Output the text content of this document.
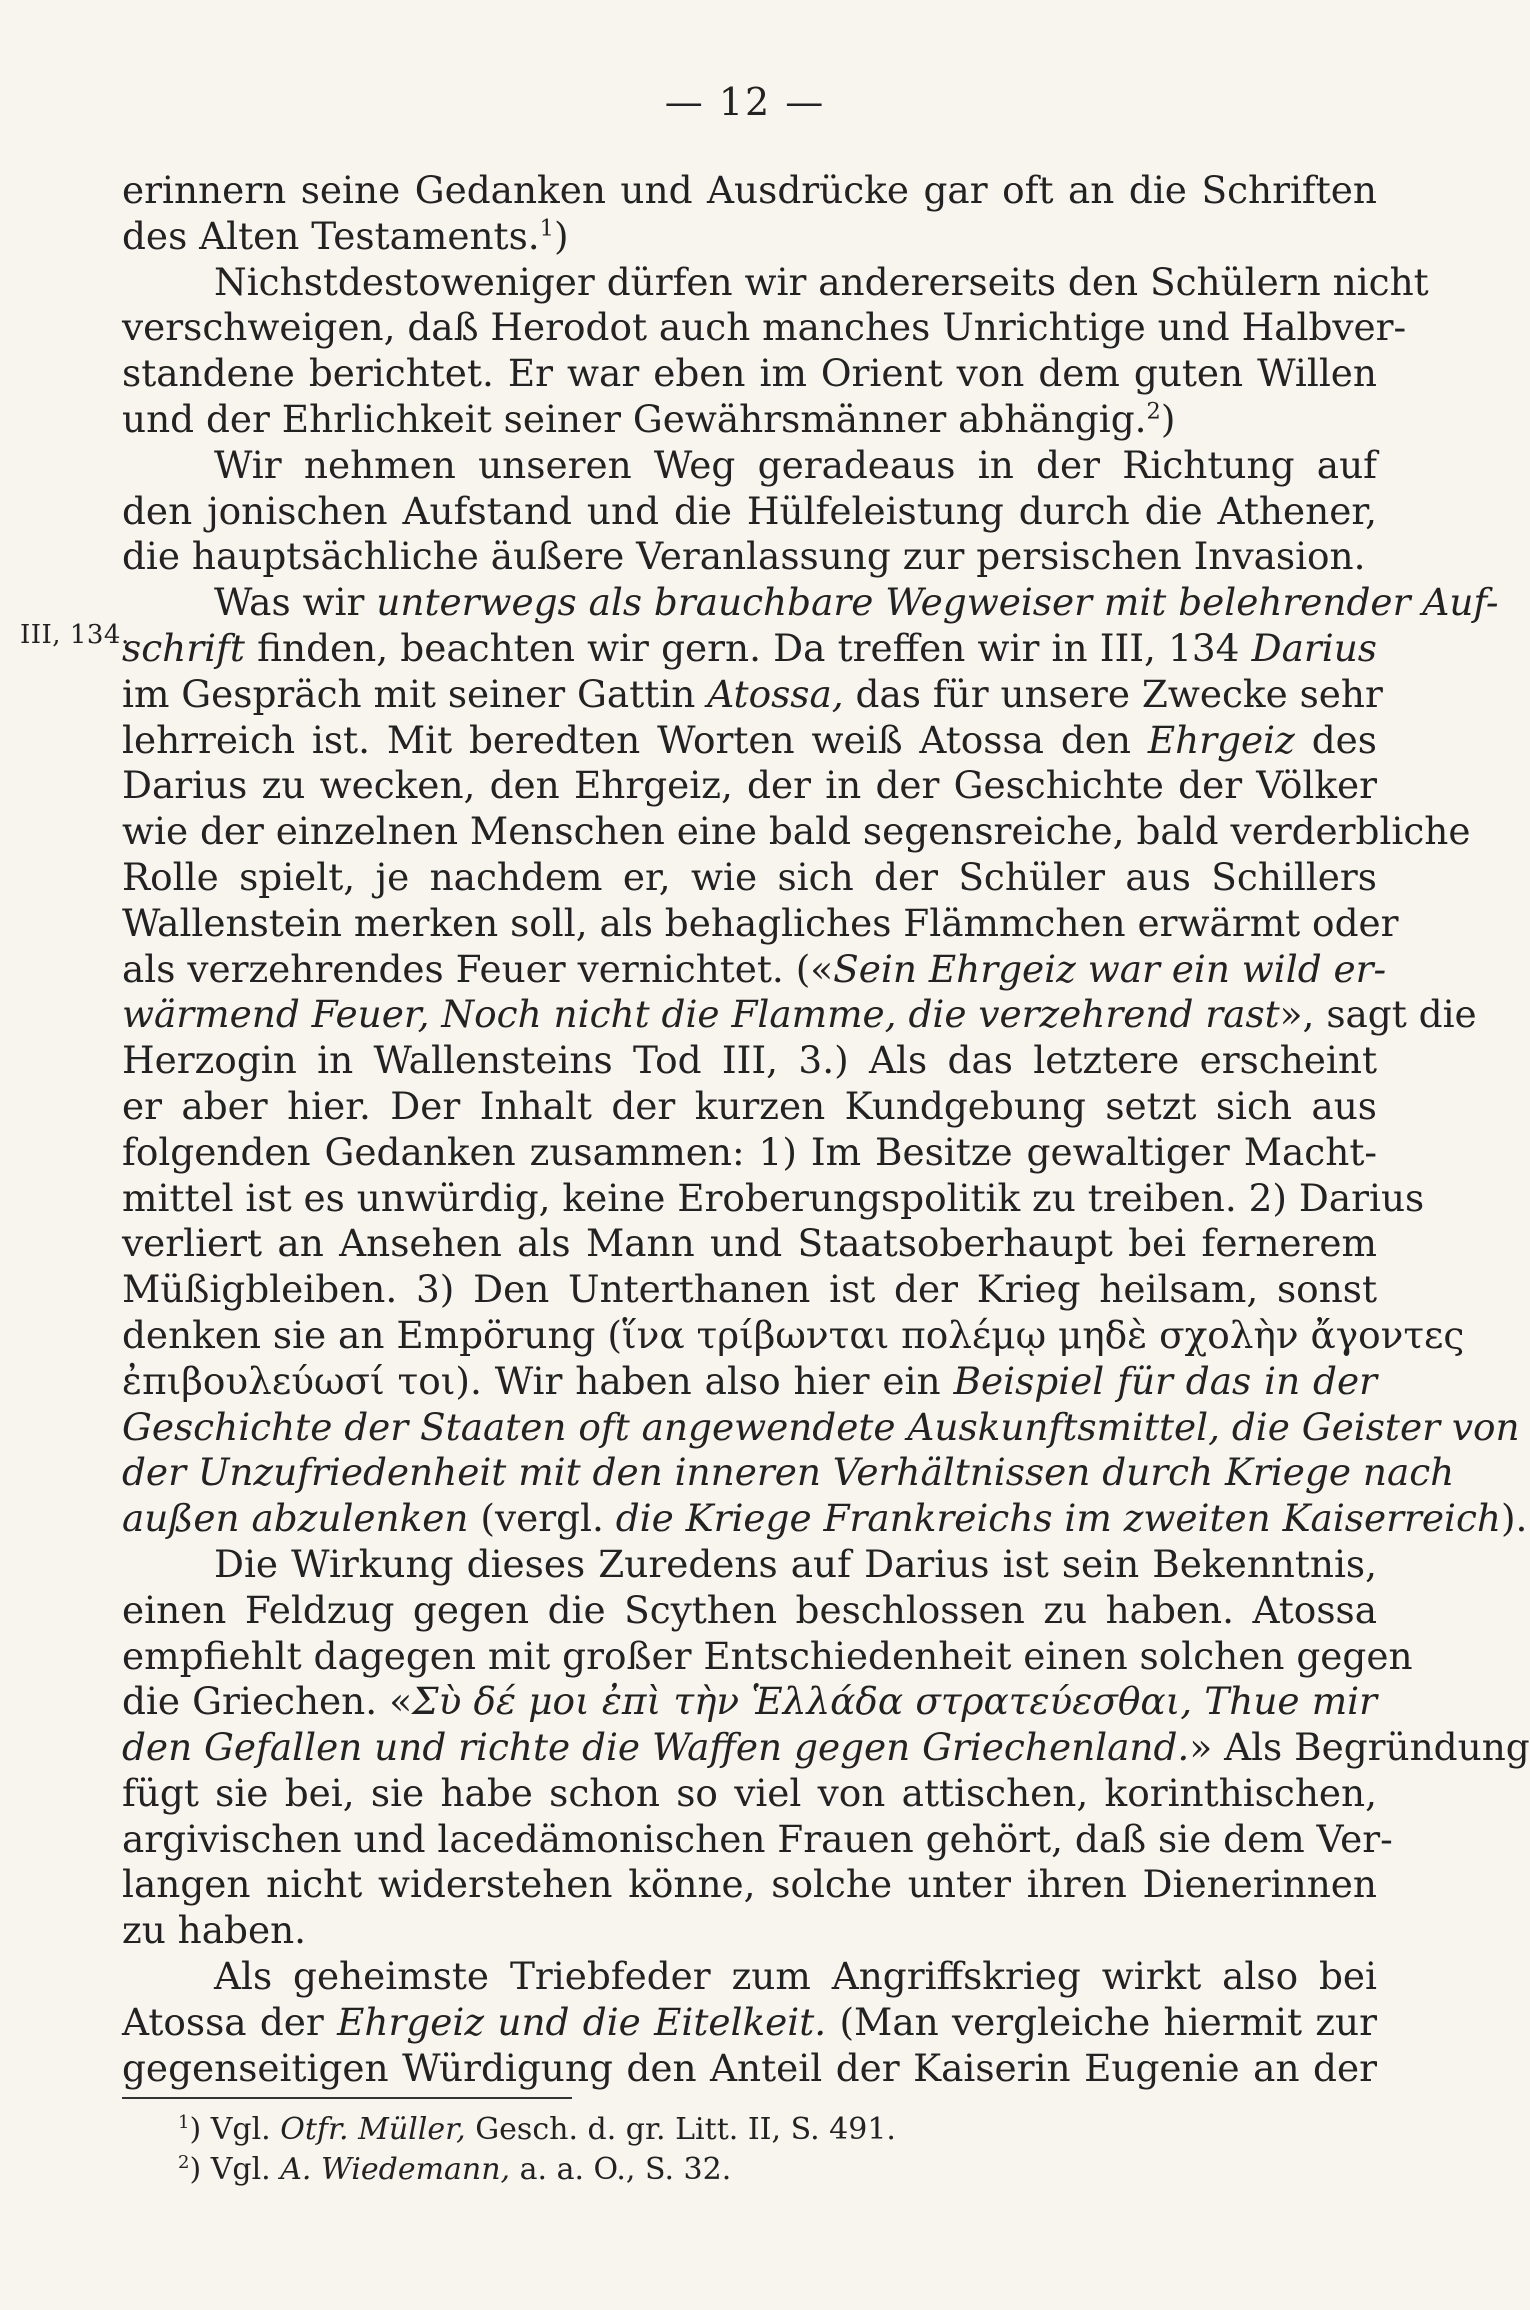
— 12 —
III, 134.
erinnern seine Gedanken und Ausdrücke gar oft an die Schriften
des Alten Testaments.$^1$)
Nichstdestoweniger dürfen wir andererseits den Schülern nicht
verschweigen, daß Herodot auch manches Unrichtige und Halbver-
standene berichtet. Er war eben im Orient von dem guten Willen
und der Ehrlichkeit seiner Gewährsmänner abhängig.$^2$)
Wir nehmen unseren Weg geradeaus in der Richtung auf
den jonischen Aufstand und die Hülfeleistung durch die Athener,
die hauptsächliche äußere Veranlassung zur persischen Invasion.
Was wir unterwegs als brauchbare Wegweiser mit belehrender Auf-
schrift finden, beachten wir gern. Da treffen wir in III, 134 Darius
im Gespräch mit seiner Gattin Atossa, das für unsere Zwecke sehr
lehrreich ist. Mit beredten Worten weiß Atossa den Ehrgeiz des
Darius zu wecken, den Ehrgeiz, der in der Geschichte der Völker
wie der einzelnen Menschen eine bald segensreiche, bald verderbliche
Rolle spielt, je nachdem er, wie sich der Schüler aus Schillers
Wallenstein merken soll, als behagliches Flämmchen erwärmt oder
als verzehrendes Feuer vernichtet. («Sein Ehrgeiz war ein wild er-
wärmend Feuer, Noch nicht die Flamme, die verzehrend rast», sagt die
Herzogin in Wallensteins Tod III, 3.) Als das letztere erscheint
er aber hier. Der Inhalt der kurzen Kundgebung setzt sich aus
folgenden Gedanken zusammen: 1) Im Besitze gewaltiger Macht-
mittel ist es unwürdig, keine Eroberungspolitik zu treiben. 2) Darius
verliert an Ansehen als Mann und Staatsoberhaupt bei fernerem
Müßigbleiben. 3) Den Unterthanen ist der Krieg heilsam, sonst
denken sie an Empörung (ἵνα τρίβωνται πολέμῳ μηδὲ σχολὴν ἄγοντες
ἐπιβουλεύωσί τοι). Wir haben also hier ein Beispiel für das in der
Geschichte der Staaten oft angewendete Auskunftsmittel, die Geister von
der Unzufriedenheit mit den inneren Verhältnissen durch Kriege nach
außen abzulenken (vergl. die Kriege Frankreichs im zweiten Kaiserreich).
Die Wirkung dieses Zuredens auf Darius ist sein Bekenntnis,
einen Feldzug gegen die Scythen beschlossen zu haben. Atossa
empfiehlt dagegen mit großer Entschiedenheit einen solchen gegen
die Griechen. «Σὺ δέ μοι ἐπὶ τὴν Ἑλλάδα στρατεύεσθαι, Thue mir
den Gefallen und richte die Waffen gegen Griechenland.» Als Begründung
fügt sie bei, sie habe schon so viel von attischen, korinthischen,
argivischen und lacedämonischen Frauen gehört, daß sie dem Ver-
langen nicht widerstehen könne, solche unter ihren Dienerinnen
zu haben.
Als geheimste Triebfeder zum Angriffskrieg wirkt also bei
Atossa der Ehrgeiz und die Eitelkeit. (Man vergleiche hiermit zur
gegenseitigen Würdigung den Anteil der Kaiserin Eugenie an der
$^1$) Vgl. Otfr. Müller, Gesch. d. gr. Litt. II, S. 491.
$^2$) Vgl. A. Wiedemann, a. a. O., S. 32.
